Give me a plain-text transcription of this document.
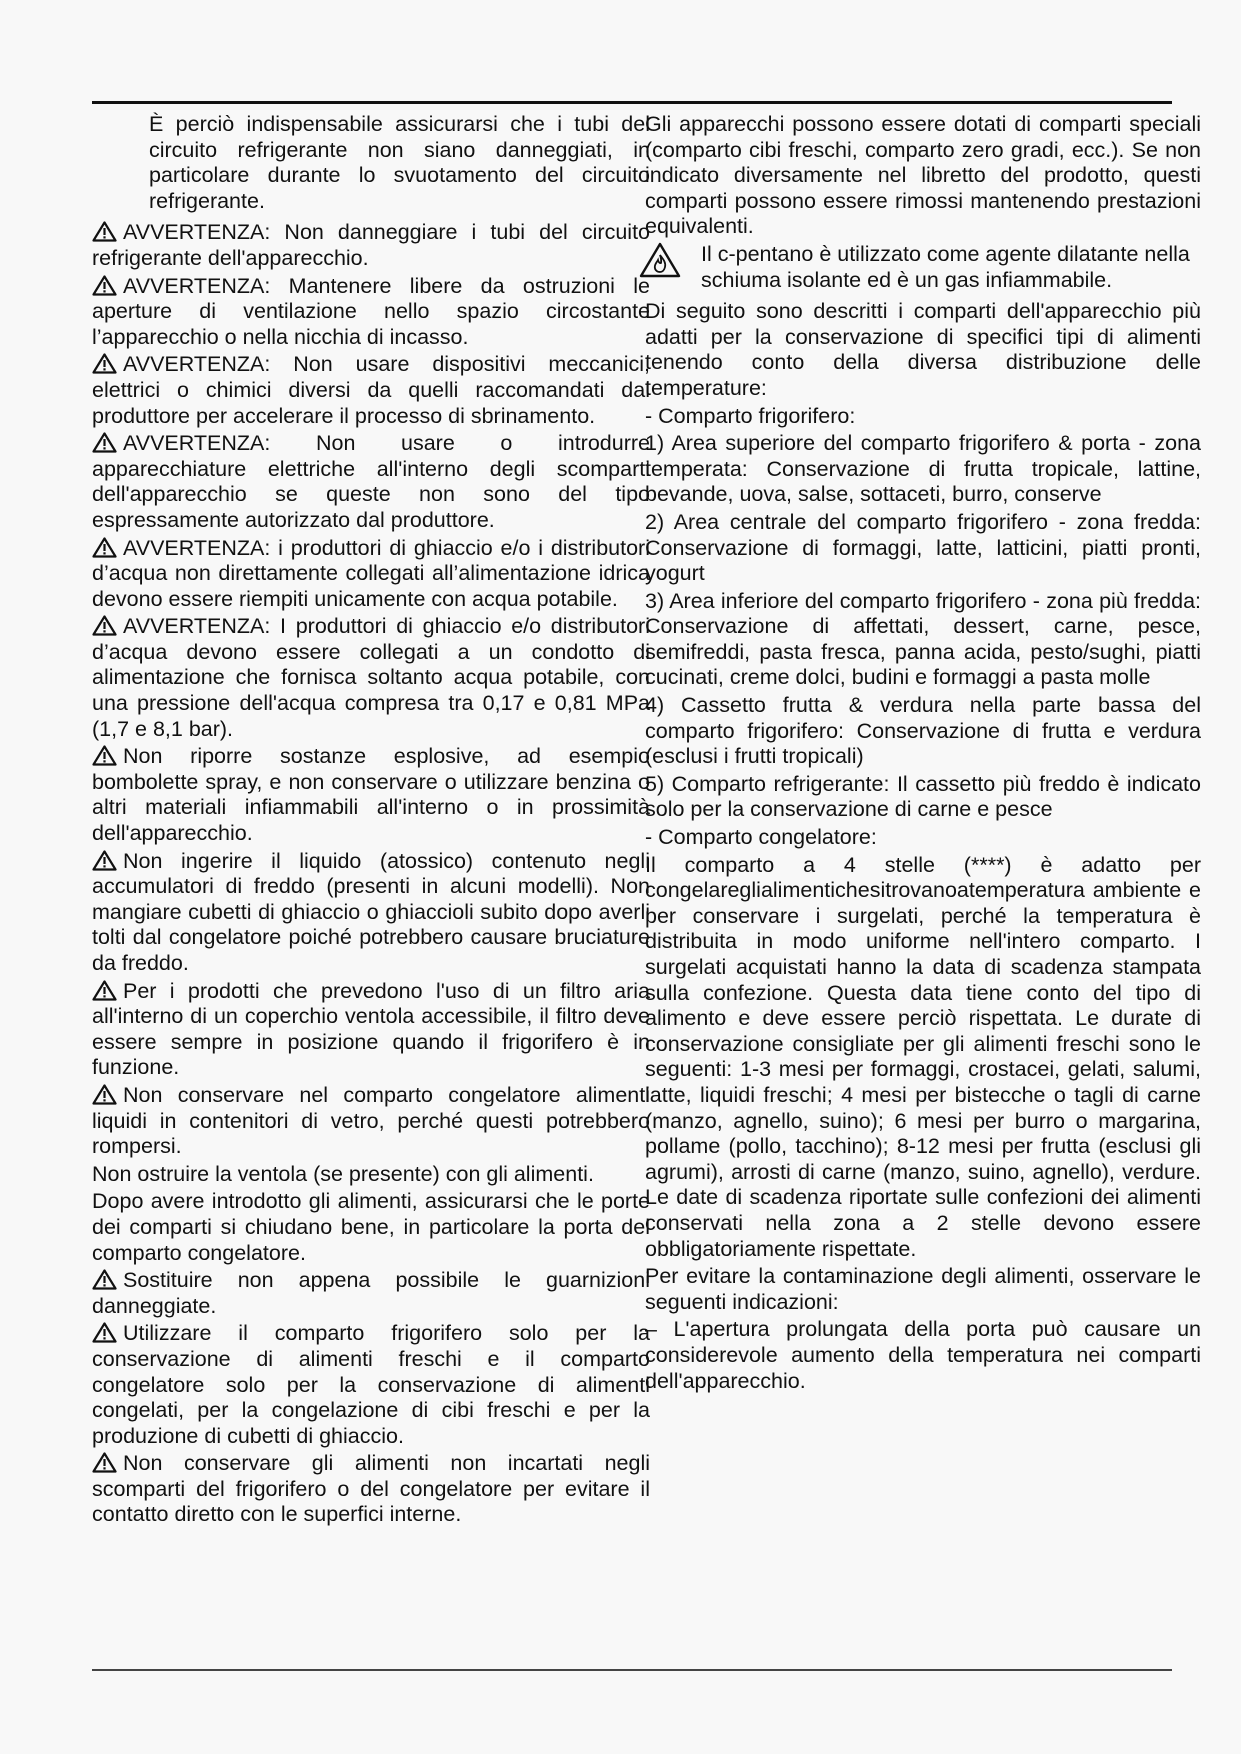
È perciò indispensabile assicurarsi che i tubi del circuito refrigerante non siano danneggiati, in particolare durante lo svuotamento del circuito refrigerante.

AVVERTENZA: Non danneggiare i tubi del circuito refrigerante dell'apparecchio.

AVVERTENZA: Mantenere libere da ostruzioni le aperture di ventilazione nello spazio circostante l’apparecchio o nella nicchia di incasso.

AVVERTENZA: Non usare dispositivi meccanici, elettrici o chimici diversi da quelli raccomandati dal produttore per accelerare il processo di sbrinamento.

AVVERTENZA: Non usare o introdurre apparecchiature elettriche all'interno degli scomparti dell'apparecchio se queste non sono del tipo espressamente autorizzato dal produttore.

AVVERTENZA: i produttori di ghiaccio e/o i distributori d’acqua non direttamente collegati all’alimentazione idrica devono essere riempiti unicamente con acqua potabile.

AVVERTENZA: I produttori di ghiaccio e/o distributori d’acqua devono essere collegati a un condotto di alimentazione che fornisca soltanto acqua potabile, con una pressione dell'acqua compresa tra 0,17 e 0,81 MPa (1,7 e 8,1 bar).

Non riporre sostanze esplosive, ad esempio bombolette spray, e non conservare o utilizzare benzina o altri materiali infiammabili all'interno o in prossimità dell'apparecchio.

Non ingerire il liquido (atossico) contenuto negli accumulatori di freddo (presenti in alcuni modelli). Non mangiare cubetti di ghiaccio o ghiaccioli subito dopo averli tolti dal congelatore poiché potrebbero causare bruciature da freddo.

Per i prodotti che prevedono l'uso di un filtro aria all'interno di un coperchio ventola accessibile, il filtro deve essere sempre in posizione quando il frigorifero è in funzione.

Non conservare nel comparto congelatore alimenti liquidi in contenitori di vetro, perché questi potrebbero rompersi.

Non ostruire la ventola (se presente) con gli alimenti.

Dopo avere introdotto gli alimenti, assicurarsi che le porte dei comparti si chiudano bene, in particolare la porta del comparto congelatore.

Sostituire non appena possibile le guarnizioni danneggiate.

Utilizzare il comparto frigorifero solo per la conservazione di alimenti freschi e il comparto congelatore solo per la conservazione di alimenti congelati, per la congelazione di cibi freschi e per la produzione di cubetti di ghiaccio.

Non conservare gli alimenti non incartati negli scomparti del frigorifero o del congelatore per evitare il contatto diretto con le superfici interne.

Gli apparecchi possono essere dotati di comparti speciali (comparto cibi freschi, comparto zero gradi, ecc.). Se non indicato diversamente nel libretto del prodotto, questi comparti possono essere rimossi mantenendo prestazioni equivalenti.

Il c-pentano è utilizzato come agente dilatante nella schiuma isolante ed è un gas infiammabile.

Di seguito sono descritti i comparti dell'apparecchio più adatti per la conservazione di specifici tipi di alimenti tenendo conto della diversa distribuzione delle temperature:

- Comparto frigorifero:

1) Area superiore del comparto frigorifero & porta - zona temperata: Conservazione di frutta tropicale, lattine, bevande, uova, salse, sottaceti, burro, conserve

2) Area centrale del comparto frigorifero - zona fredda: Conservazione di formaggi, latte, latticini, piatti pronti, yogurt

3) Area inferiore del comparto frigorifero - zona più fredda: Conservazione di affettati, dessert, carne, pesce, semifreddi, pasta fresca, panna acida, pesto/sughi, piatti cucinati, creme dolci, budini e formaggi a pasta molle

4) Cassetto frutta & verdura nella parte bassa del comparto frigorifero: Conservazione di frutta e verdura (esclusi i frutti tropicali)

5) Comparto refrigerante: Il cassetto più freddo è indicato solo per la conservazione di carne e pesce

- Comparto congelatore:

Il comparto a 4 stelle (****) è adatto per congelareglialimentichesitrovanoatemperatura ambiente e per conservare i surgelati, perché la temperatura è distribuita in modo uniforme nell'intero comparto. I surgelati acquistati hanno la data di scadenza stampata sulla confezione. Questa data tiene conto del tipo di alimento e deve essere perciò rispettata. Le durate di conservazione consigliate per gli alimenti freschi sono le seguenti: 1-3 mesi per formaggi, crostacei, gelati, salumi, latte, liquidi freschi; 4 mesi per bistecche o tagli di carne (manzo, agnello, suino); 6 mesi per burro o margarina, pollame (pollo, tacchino); 8-12 mesi per frutta (esclusi gli agrumi), arrosti di carne (manzo, suino, agnello), verdure. Le date di scadenza riportate sulle confezioni dei alimenti conservati nella zona a 2 stelle devono essere obbligatoriamente rispettate.

Per evitare la contaminazione degli alimenti, osservare le seguenti indicazioni:

– L'apertura prolungata della porta può causare un considerevole aumento della temperatura nei comparti dell'apparecchio.
